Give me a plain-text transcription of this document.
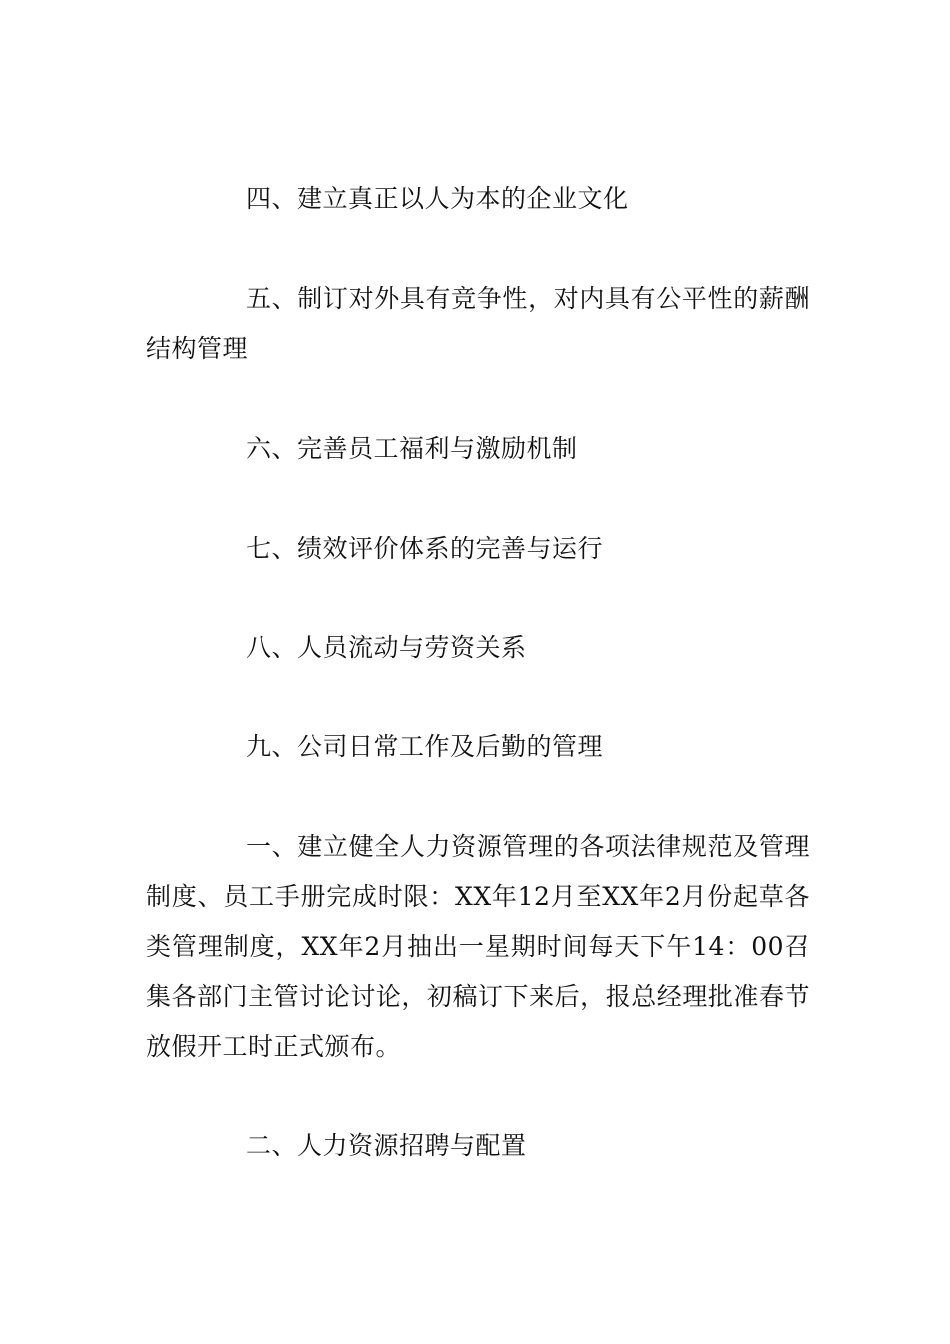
四、建立真正以人为本的企业文化

五、制订对外具有竞争性，对内具有公平性的薪酬结构管理

六、完善员工福利与激励机制

七、绩效评价体系的完善与运行

八、人员流动与劳资关系

九、公司日常工作及后勤的管理

一、建立健全人力资源管理的各项法律规范及管理制度、员工手册完成时限：XX年12月至XX年2月份起草各类管理制度，XX年2月抽出一星期时间每天下午14：00召集各部门主管讨论讨论，初稿订下来后，报总经理批准春节放假开工时正式颁布。

二、人力资源招聘与配置
